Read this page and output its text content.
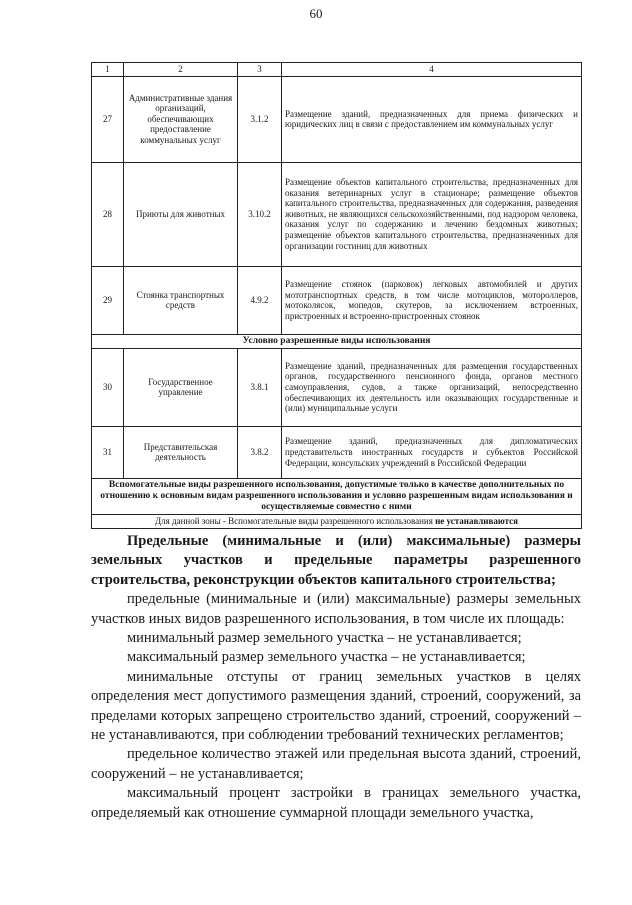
60
1	2	3	4
27	Административные здания организаций, обеспечивающих предоставление коммунальных услуг	3.1.2	Размещение зданий, предназначенных для приема физических и юридических лиц в связи с предоставлением им коммунальных услуг
28	Приюты для животных	3.10.2	Размещение объектов капитального строительства, предназначенных для оказания ветеринарных услуг в стационаре; размещение объектов капитального строительства, предназначенных для содержания, разведения животных, не являющихся сельскохозяйственными, под надзором человека, оказания услуг по содержанию и лечению бездомных животных; размещение объектов капитального строительства, предназначенных для организации гостиниц для животных
29	Стоянка транспортных средств	4.9.2	Размещение стоянок (парковок) легковых автомобилей и других мототранспортных средств, в том числе мотоциклов, мотороллеров, мотоколясок, мопедов, скутеров, за исключением встроенных, пристроенных и встроенно-пристроенных стоянок
Условно разрешенные виды использования			
30	Государственное управление	3.8.1	Размещение зданий, предназначенных для размещения государственных органов, государственного пенсионного фонда, органов местного самоуправления, судов, а также организаций, непосредственно обеспечивающих их деятельность или оказывающих государственные и (или) муниципальные услуги
31	Представительская деятельность	3.8.2	Размещение зданий, предназначенных для дипломатических представительств иностранных государств и субъектов Российской Федерации, консульских учреждений в Российской Федерации
Вспомогательные виды разрешенного использования, допустимые только в качестве дополнительных по отношению к основным видам разрешенного использования и условно разрешенным видам использования и осуществляемые совместно с ними			
Для данной зоны - Вспомогательные виды разрешенного использования не устанавливаются			

Предельные (минимальные и (или) максимальные) размеры земельных участков и предельные параметры разрешенного строительства, реконструкции объектов капитального строительства;

предельные (минимальные и (или) максимальные) размеры земельных участков иных видов разрешенного использования, в том числе их площадь:

минимальный размер земельного участка – не устанавливается;

максимальный размер земельного участка – не устанавливается;

минимальные отступы от границ земельных участков в целях определения мест допустимого размещения зданий, строений, сооружений, за пределами которых запрещено строительство зданий, строений, сооружений – не устанавливаются, при соблюдении требований технических регламентов;

предельное количество этажей или предельная высота зданий, строений, сооружений – не устанавливается;

максимальный процент застройки в границах земельного участка, определяемый как отношение суммарной площади земельного участка,
